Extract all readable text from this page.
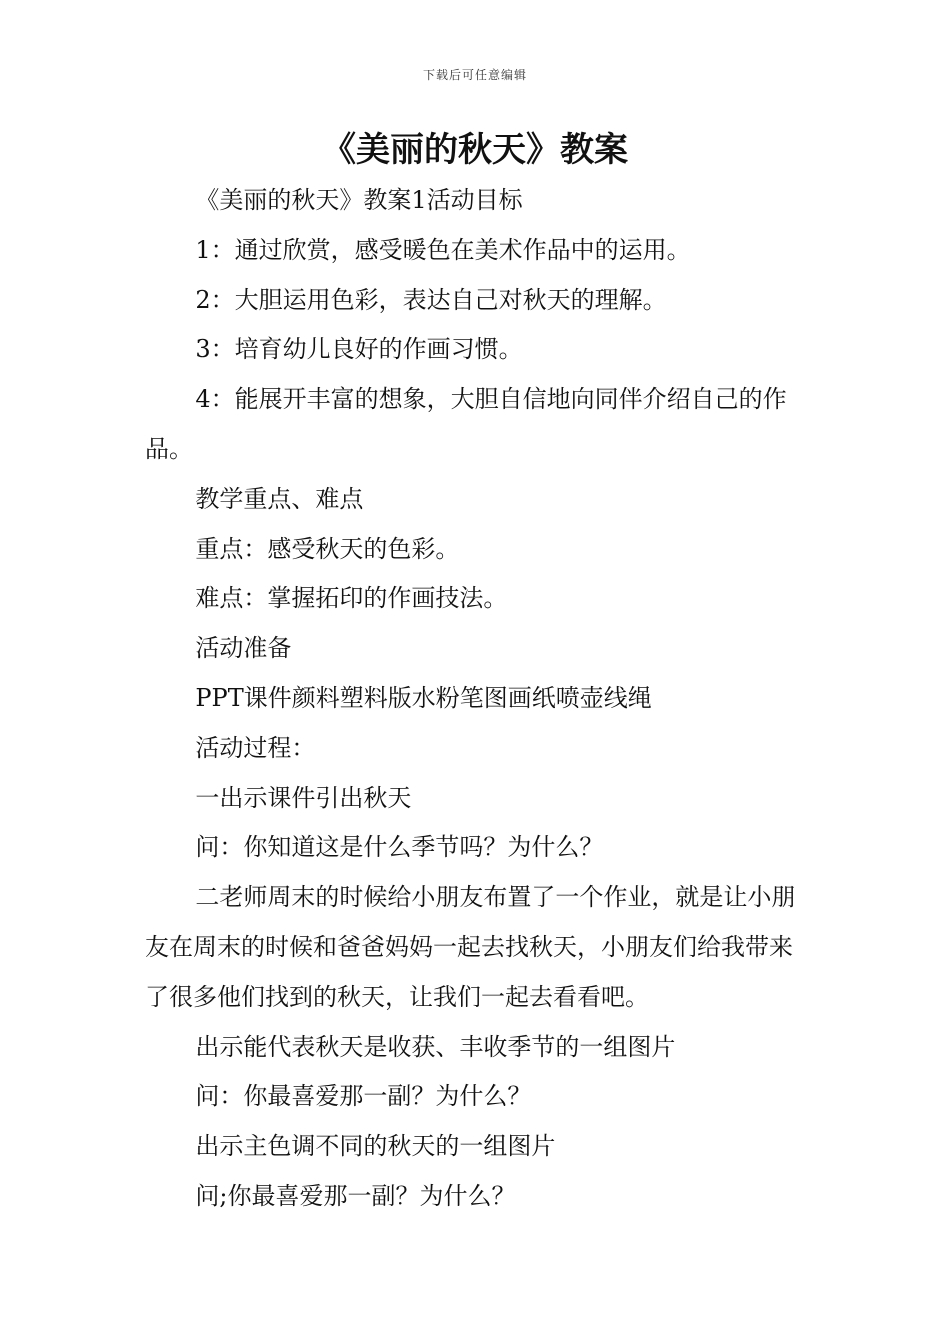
下载后可任意编辑
《美丽的秋天》教案

《美丽的秋天》教案1活动目标

1：通过欣赏，感受暖色在美术作品中的运用。

2：大胆运用色彩，表达自己对秋天的理解。

3：培育幼儿良好的作画习惯。

4：能展开丰富的想象，大胆自信地向同伴介绍自己的作品。

教学重点、难点

重点：感受秋天的色彩。

难点：掌握拓印的作画技法。

活动准备

PPT课件颜料塑料版水粉笔图画纸喷壶线绳

活动过程：

一出示课件引出秋天

问：你知道这是什么季节吗？为什么？

二老师周末的时候给小朋友布置了一个作业，就是让小朋友在周末的时候和爸爸妈妈一起去找秋天，小朋友们给我带来了很多他们找到的秋天，让我们一起去看看吧。

出示能代表秋天是收获、丰收季节的一组图片

问：你最喜爱那一副？为什么？

出示主色调不同的秋天的一组图片

问;你最喜爱那一副？为什么？
